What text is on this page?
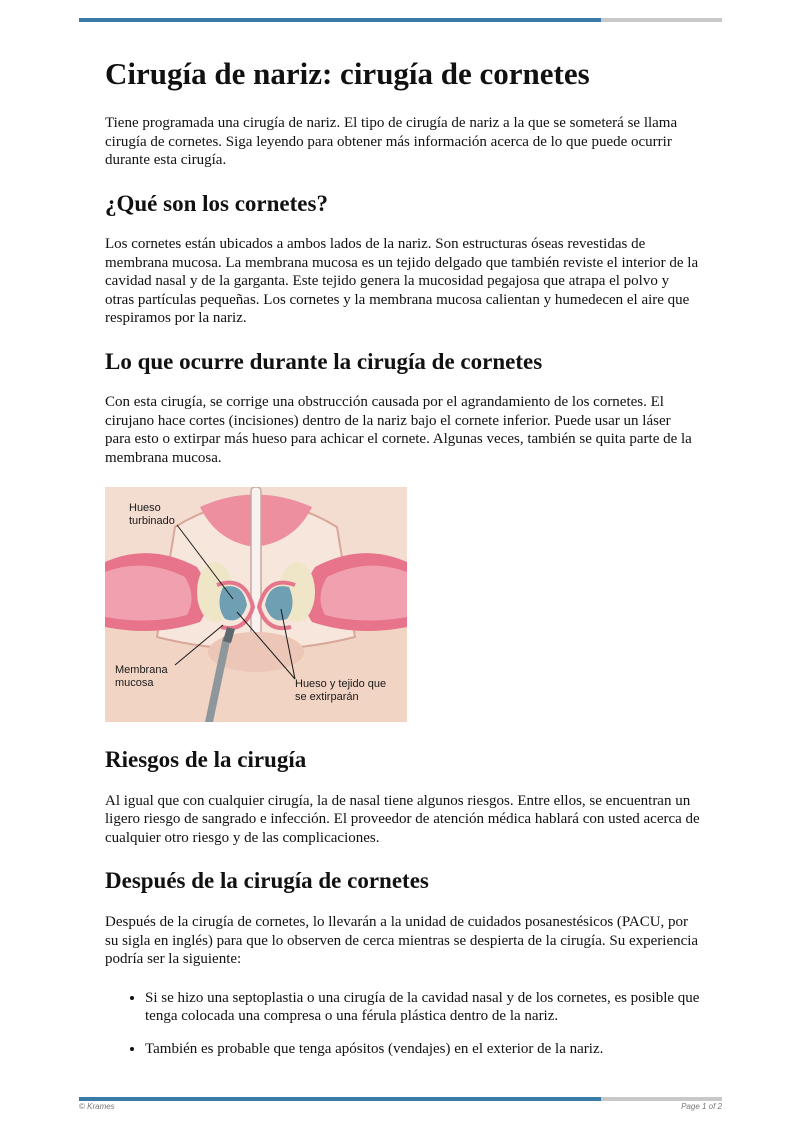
Cirugía de nariz: cirugía de cornetes

Tiene programada una cirugía de nariz. El tipo de cirugía de nariz a la que se someterá se llama cirugía de cornetes. Siga leyendo para obtener más información acerca de lo que puede ocurrir durante esta cirugía.

¿Qué son los cornetes?

Los cornetes están ubicados a ambos lados de la nariz. Son estructuras óseas revestidas de membrana mucosa. La membrana mucosa es un tejido delgado que también reviste el interior de la cavidad nasal y de la garganta. Este tejido genera la mucosidad pegajosa que atrapa el polvo y otras partículas pequeñas. Los cornetes y la membrana mucosa calientan y humedecen el aire que respiramos por la nariz.

Lo que ocurre durante la cirugía de cornetes

Con esta cirugía, se corrige una obstrucción causada por el agrandamiento de los cornetes. El cirujano hace cortes (incisiones) dentro de la nariz bajo el cornete inferior. Puede usar un láser para esto o extirpar más hueso para achicar el cornete. Algunas veces, también se quita parte de la membrana mucosa.

Hueso
turbinado
Membrana
mucosa	Hueso y tejido que
se extirparán
Riesgos de la cirugía

Al igual que con cualquier cirugía, la de nasal tiene algunos riesgos. Entre ellos, se encuentran un ligero riesgo de sangrado e infección. El proveedor de atención médica hablará con usted acerca de cualquier otro riesgo y de las complicaciones.

Después de la cirugía de cornetes

Después de la cirugía de cornetes, lo llevarán a la unidad de cuidados posanestésicos (PACU, por su sigla en inglés) para que lo observen de cerca mientras se despierta de la cirugía. Su experiencia podría ser la siguiente:

• Si se hizo una septoplastia o una cirugía de la cavidad nasal y de los cornetes, es posible que tenga colocada una compresa o una férula plástica dentro de la nariz.
• También es probable que tenga apósitos (vendajes) en el exterior de la nariz.
© Krames	Page 1 of 2
